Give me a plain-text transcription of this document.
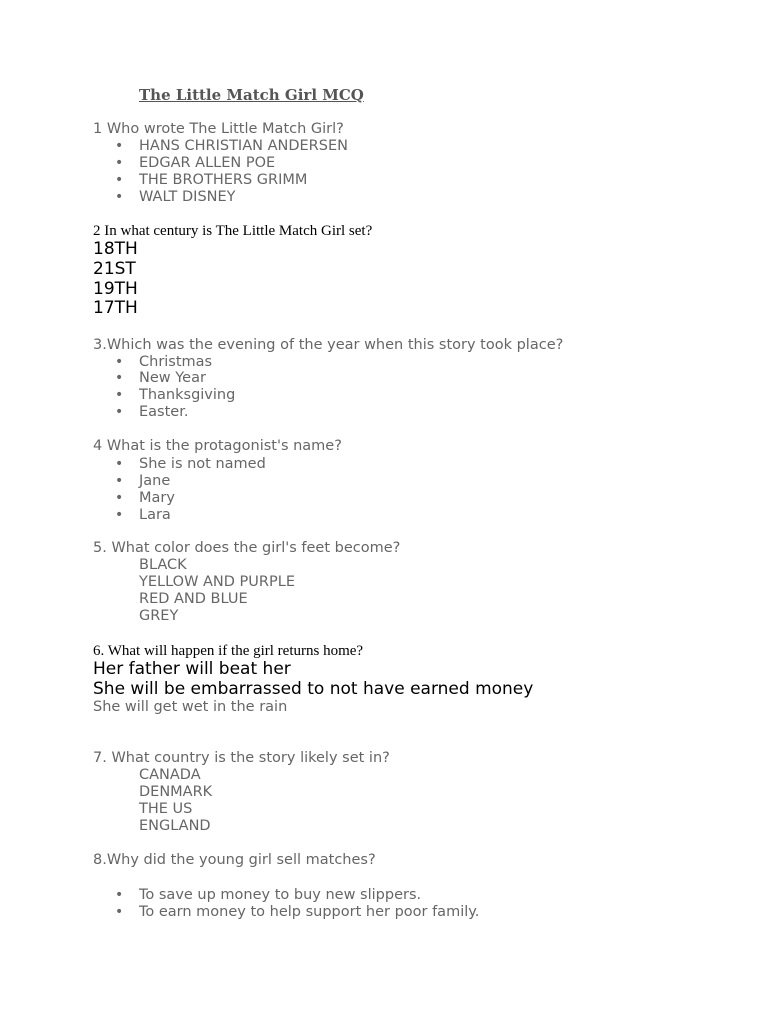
The Little Match Girl MCQ
1 Who wrote The Little Match Girl?
• HANS CHRISTIAN ANDERSEN
• EDGAR ALLEN POE
• THE BROTHERS GRIMM
• WALT DISNEY
2 In what century is The Little Match Girl set?
18TH
21ST
19TH
17TH
3.Which was the evening of the year when this story took place?
• Christmas
• New Year
• Thanksgiving
• Easter.
4 What is the protagonist's name?
• She is not named
• Jane
• Mary
• Lara
5. What color does the girl's feet become?
BLACK
YELLOW AND PURPLE
RED AND BLUE
GREY
6. What will happen if the girl returns home?
Her father will beat her
She will be embarrassed to not have earned money
She will get wet in the rain
7. What country is the story likely set in?
CANADA
DENMARK
THE US
ENGLAND
8.Why did the young girl sell matches?
• To save up money to buy new slippers.
• To earn money to help support her poor family.
